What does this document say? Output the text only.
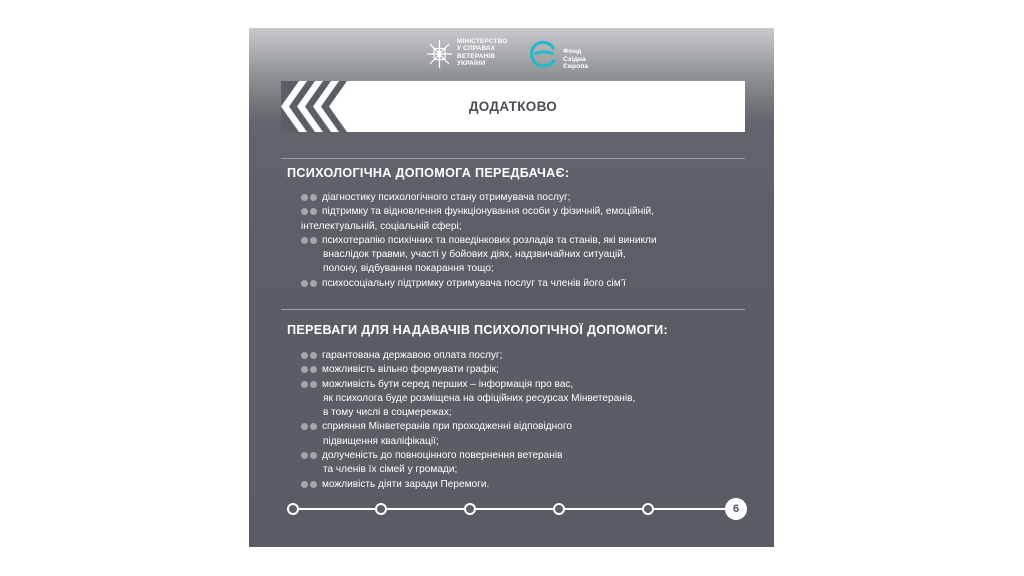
МІНІСТЕРСТВО
У СПРАВАХ
ВЕТЕРАНІВ
УКРАЇНИ
Фонд
Східна
Європа
ДОДАТКОВО
ПСИХОЛОГІЧНА ДОПОМОГА ПЕРЕДБАЧАЄ:
діагностику психологічного стану отримувача послуг;
підтримку та відновлення функціонування особи у фізичній, емоційній,
інтелектуальній, соціальній сфері;
психотерапію психічних та поведінкових розладів та станів, які виникли
внаслідок травми, участі у бойових діях, надзвичайних ситуацій,
полону, відбування покарання тощо;
психосоціальну підтримку отримувача послуг та членів його сім’ї
ПЕРЕВАГИ ДЛЯ НАДАВАЧІВ ПСИХОЛОГІЧНОЇ ДОПОМОГИ:
гарантована державою оплата послуг;
можливість вільно формувати графік;
можливість бути серед перших – інформація про вас,
як психолога буде розміщена на офіційних ресурсах Мінветеранів,
в тому числі в соцмережах;
сприяння Мінветеранів при проходженні відповідного
підвищення кваліфікації;
долученість до повноцінного повернення ветеранів
та членів їх сімей у громади;
можливість діяти заради Перемоги.
6
